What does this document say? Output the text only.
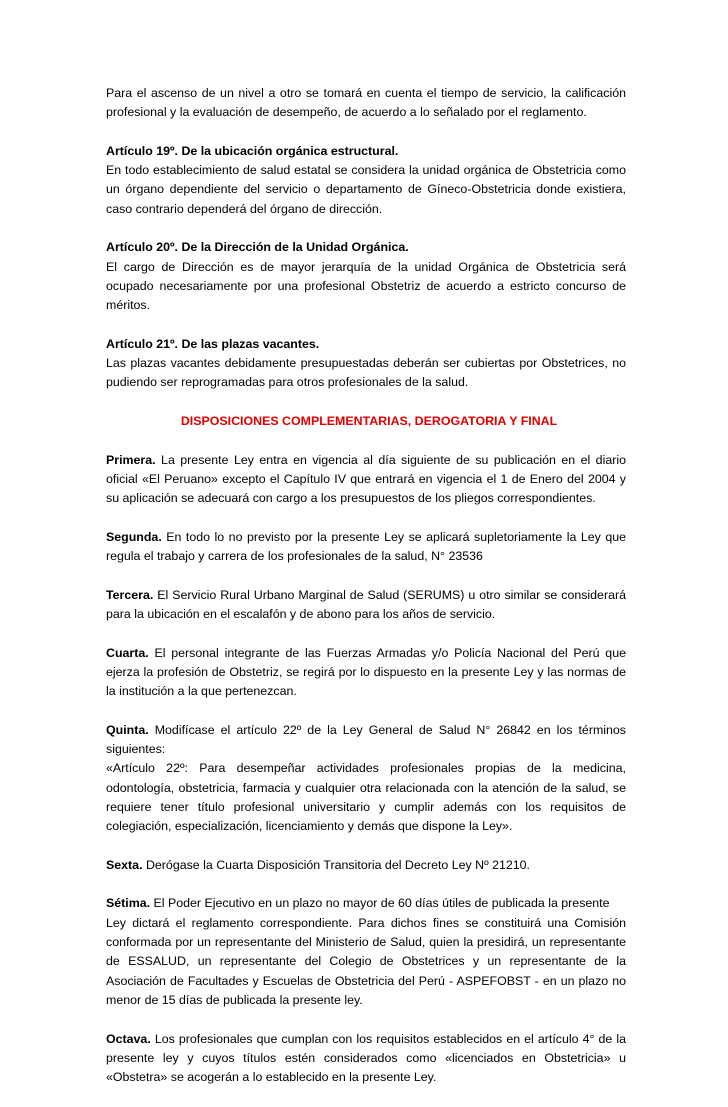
Para el ascenso de un nivel a otro se tomará en cuenta el tiempo de servicio, la calificación profesional y la evaluación de desempeño, de acuerdo a lo señalado por el reglamento.

Artículo 19º. De la ubicación orgánica estructural.

En todo establecimiento de salud estatal se considera la unidad orgánica de Obstetricia como un órgano dependiente del servicio o departamento de Gíneco-Obstetricia donde existiera, caso contrario dependerá del órgano de dirección.

Artículo 20º. De la Dirección de la Unidad Orgánica.

El cargo de Dirección es de mayor jerarquía de la unidad Orgánica de Obstetricia será ocupado necesariamente por una profesional Obstetriz de acuerdo a estricto concurso de méritos.

Artículo 21º. De las plazas vacantes.

Las plazas vacantes debidamente presupuestadas deberán ser cubiertas por Obstetrices, no pudiendo ser reprogramadas para otros profesionales de la salud.

DISPOSICIONES COMPLEMENTARIAS, DEROGATORIA Y FINAL

Primera. La presente Ley entra en vigencia al día siguiente de su publicación en el diario oficial «El Peruano» excepto el Capítulo IV que entrará en vigencia el 1 de Enero del 2004 y su aplicación se adecuará con cargo a los presupuestos de los pliegos correspondientes.

Segunda. En todo lo no previsto por la presente Ley se aplicará supletoriamente la Ley que regula el trabajo y carrera de los profesionales de la salud, N° 23536

Tercera. El Servicio Rural Urbano Marginal de Salud (SERUMS) u otro similar se considerará para la ubicación en el escalafón y de abono para los años de servicio.

Cuarta. El personal integrante de las Fuerzas Armadas y/o Policía Nacional del Perú que ejerza la profesión de Obstetriz, se regirá por lo dispuesto en la presente Ley y las normas de la institución a la que pertenezcan.

Quinta. Modifícase el artículo 22º de la Ley General de Salud N° 26842 en los términos siguientes:

«Artículo 22º: Para desempeñar actividades profesionales propias de la medicina, odontología, obstetricia, farmacia y cualquier otra relacionada con la atención de la salud, se requiere tener título profesional universitario y cumplir además con los requisitos de colegiación, especialización, licenciamiento y demás que dispone la Ley».

Sexta. Derógase la Cuarta Disposición Transitoria del Decreto Ley Nº 21210.

Sétima. El Poder Ejecutivo en un plazo no mayor de 60 días útiles de publicada la presente

Ley dictará el reglamento correspondiente. Para dichos fines se constituirá una Comisión conformada por un representante del Ministerio de Salud, quien la presidirá, un representante de ESSALUD, un representante del Colegio de Obstetrices y un representante de la Asociación de Facultades y Escuelas de Obstetricia del Perú - ASPEFOBST - en un plazo no menor de 15 días de publicada la presente ley.

Octava. Los profesionales que cumplan con los requisitos establecidos en el artículo 4° de la presente ley y cuyos títulos estén considerados como «licenciados en Obstetricia» u «Obstetra» se acogerán a lo establecido en la presente Ley.
